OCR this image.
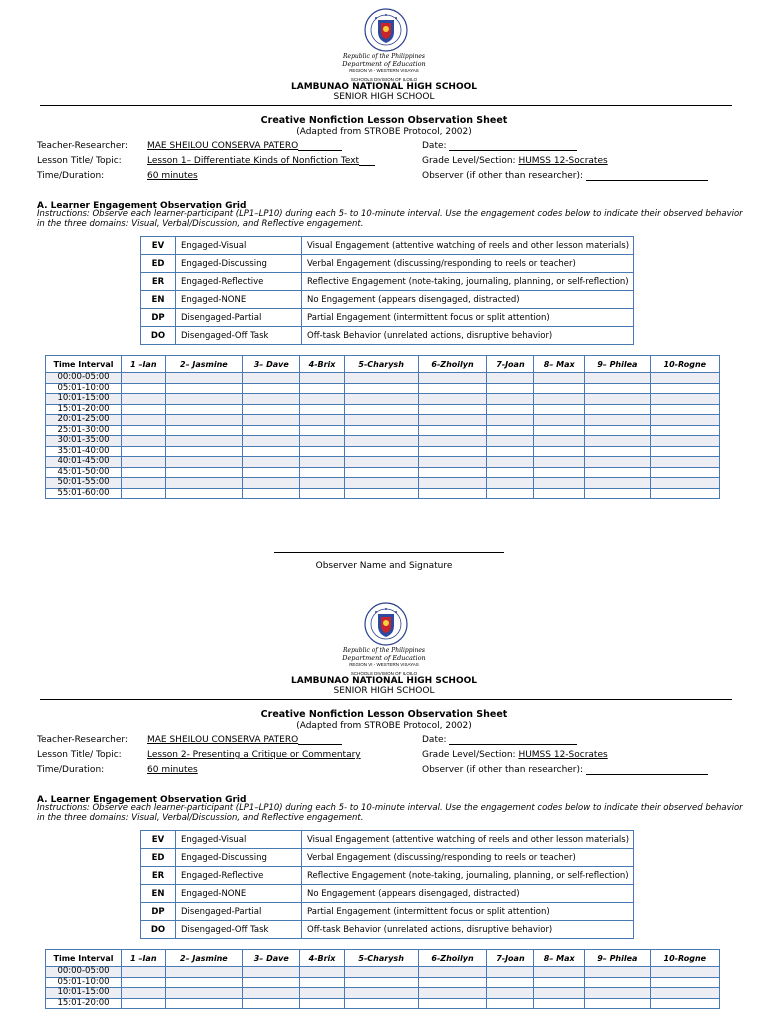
Republic of the Philippines
Department of Education
REGION VI - WESTERN VISAYAS
SCHOOLS DIVISION OF ILOILO
LAMBUNAO NATIONAL HIGH SCHOOL
SENIOR HIGH SCHOOL
Creative Nonfiction Lesson Observation Sheet
(Adapted from STROBE Protocol, 2002)
Teacher-Researcher: MAE SHEILOU CONSERVA PATERO
Lesson Title/ Topic:	Lesson 1– Differentiate Kinds of Nonfiction Text
Time/Duration:	60 minutes
Date:
Grade Level/Section: HUMSS 12-Socrates
Observer (if other than researcher):
A. Learner Engagement Observation Grid
Instructions: Observe each learner-participant (LP1–LP10) during each 5- to 10-minute interval. Use the engagement codes below to indicate their observed behavior in the three domains: Visual, Verbal/Discussion, and Reflective engagement.
EV	Engaged-Visual	Visual Engagement (attentive watching of reels and other lesson materials)
ED	Engaged-Discussing	Verbal Engagement (discussing/responding to reels or teacher)
ER	Engaged-Reflective	Reflective Engagement (note-taking, journaling, planning, or self-reflection)
EN	Engaged-NONE	No Engagement (appears disengaged, distracted)
DP	Disengaged-Partial	Partial Engagement (intermittent focus or split attention)
DO	Disengaged-Off Task	Off-task Behavior (unrelated actions, disruptive behavior)
Time Interval	1 –Ian	2– Jasmine	3– Dave	4-Brix	5-Charysh	6-Zhoilyn	7-Joan	8– Max	9– Philea	10-Rogne
00:00-05:00										
05:01-10:00										
10:01-15:00										
15:01-20:00										
20:01-25:00										
25:01-30:00										
30:01-35:00										
35:01-40:00										
40:01-45:00										
45:01-50:00										
50:01-55:00										
55:01-60:00										
Observer Name and Signature
Republic of the Philippines
Department of Education
REGION VI - WESTERN VISAYAS
SCHOOLS DIVISION OF ILOILO
LAMBUNAO NATIONAL HIGH SCHOOL
SENIOR HIGH SCHOOL
Creative Nonfiction Lesson Observation Sheet
(Adapted from STROBE Protocol, 2002)
Teacher-Researcher: MAE SHEILOU CONSERVA PATERO
Lesson Title/ Topic:	Lesson 2- Presenting a Critique or Commentary
Time/Duration:	60 minutes
Date:
Grade Level/Section: HUMSS 12-Socrates
Observer (if other than researcher):
A. Learner Engagement Observation Grid
Instructions: Observe each learner-participant (LP1–LP10) during each 5- to 10-minute interval. Use the engagement codes below to indicate their observed behavior in the three domains: Visual, Verbal/Discussion, and Reflective engagement.
EV	Engaged-Visual	Visual Engagement (attentive watching of reels and other lesson materials)
ED	Engaged-Discussing	Verbal Engagement (discussing/responding to reels or teacher)
ER	Engaged-Reflective	Reflective Engagement (note-taking, journaling, planning, or self-reflection)
EN	Engaged-NONE	No Engagement (appears disengaged, distracted)
DP	Disengaged-Partial	Partial Engagement (intermittent focus or split attention)
DO	Disengaged-Off Task	Off-task Behavior (unrelated actions, disruptive behavior)
Time Interval	1 –Ian	2– Jasmine	3– Dave	4-Brix	5-Charysh	6-Zhoilyn	7-Joan	8– Max	9– Philea	10-Rogne
00:00-05:00										
05:01-10:00										
10:01-15:00										
15:01-20:00										
